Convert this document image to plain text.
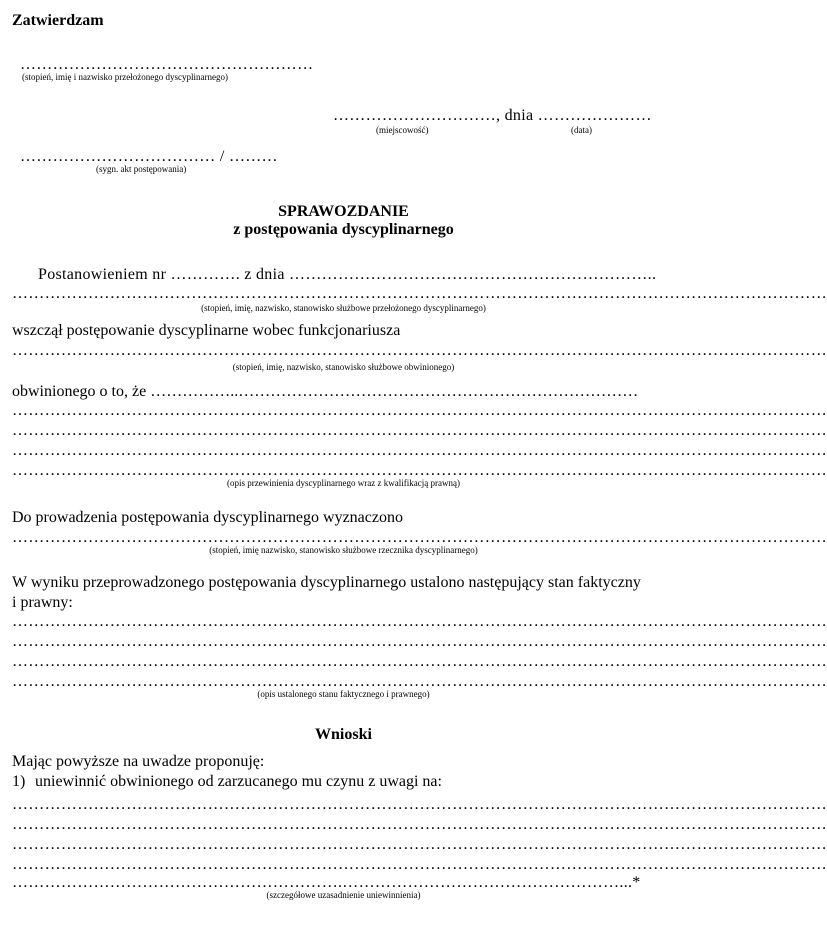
Zatwierdzam
………………………………………………
(stopień, imię i nazwisko przełożonego dyscyplinarnego)
…………………………, dnia …………………
(miejscowość)	(data)
……………………………… / ………
(sygn. akt postępowania)
SPRAWOZDANIE
z postępowania dyscyplinarnego
Postanowieniem nr …………. z dnia …………………………………………………………..
……………………………………………………………………………………………………………………………………
(stopień, imię, nazwisko, stanowisko służbowe przełożonego dyscyplinarnego)
wszczął postępowanie dyscyplinarne wobec funkcjonariusza
……………………………………………………………………………………………………………………………………
(stopień, imię, nazwisko, stanowisko służbowe obwinionego)
obwinionego o to, że ……………..…………………………………………………………………
……………………………………………………………………………………………………………………………………
……………………………………………………………………………………………………………………………………
……………………………………………………………………………………………………………………………………
……………………………………………………………………………………………………………………………………
(opis przewinienia dyscyplinarnego wraz z kwalifikacją prawną)
Do prowadzenia postępowania dyscyplinarnego wyznaczono
……………………………………………………………………………………………………………………………………
(stopień, imię nazwisko, stanowisko służbowe rzecznika dyscyplinarnego)
W wyniku przeprowadzonego postępowania dyscyplinarnego ustalono następujący stan faktyczny
i prawny:
……………………………………………………………………………………………………………………………………
……………………………………………………………………………………………………………………………………
……………………………………………………………………………………………………………………………………
……………………………………………………………………………………………………………………………………
(opis ustalonego stanu faktycznego i prawnego)
Wnioski
Mając powyższe na uwadze proponuję:
1) uniewinnić obwinionego od zarzucanego mu czynu z uwagi na:
……………………………………………………………………………………………………………………………………
……………………………………………………………………………………………………………………………………
……………………………………………………………………………………………………………………………………
……………………………………………………………………………………………………………………………………
…………………………………………………….……………………………………………...*
(szczegółowe uzasadnienie uniewinnienia)
